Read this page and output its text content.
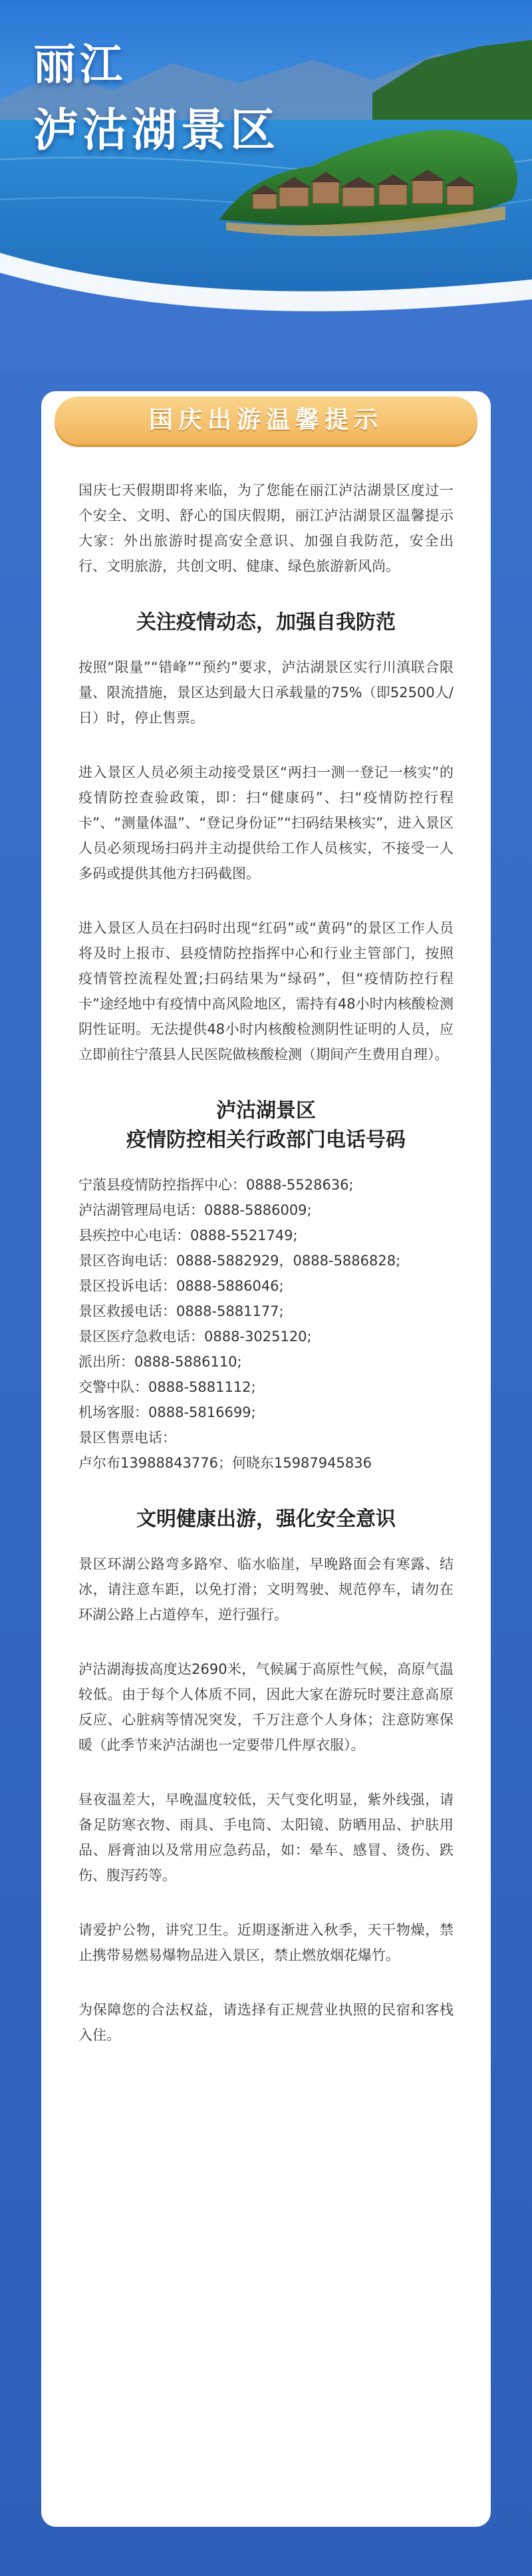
丽江
泸沽湖景区
国庆出游温馨提示

国庆七天假期即将来临，为了您能在丽江泸沽湖景区度过一个安全、文明、舒心的国庆假期，丽江泸沽湖景区温馨提示大家：外出旅游时提高安全意识、加强自我防范，安全出行、文明旅游，共创文明、健康、绿色旅游新风尚。

关注疫情动态，加强自我防范

按照“限量”“错峰”“预约”要求，泸沽湖景区实行川滇联合限量、限流措施，景区达到最大日承载量的75%（即52500人/日）时，停止售票。

进入景区人员必须主动接受景区“两扫一测一登记一核实”的疫情防控查验政策，即：扫“健康码”、扫“疫情防控行程卡”、“测量体温”、“登记身份证”“扫码结果核实”，进入景区人员必须现场扫码并主动提供给工作人员核实，不接受一人多码或提供其他方扫码截图。

进入景区人员在扫码时出现“红码”或“黄码”的景区工作人员将及时上报市、县疫情防控指挥中心和行业主管部门，按照疫情管控流程处置;扫码结果为“绿码”，但“疫情防控行程卡”途经地中有疫情中高风险地区，需持有48小时内核酸检测阴性证明。无法提供48小时内核酸检测阴性证明的人员，应立即前往宁蒗县人民医院做核酸检测（期间产生费用自理）。

泸沽湖景区
疫情防控相关行政部门电话号码
宁蒗县疫情防控指挥中心：0888-5528636;
泸沽湖管理局电话：0888-5886009;
县疾控中心电话：0888-5521749;
景区咨询电话：0888-5882929，0888-5886828;
景区投诉电话：0888-5886046;
景区救援电话：0888-5881177;
景区医疗急救电话：0888-3025120;
派出所：0888-5886110;
交警中队：0888-5881112;
机场客服：0888-5816699;
景区售票电话：
卢尔布13988843776；何晓东15987945836
文明健康出游，强化安全意识

景区环湖公路弯多路窄、临水临崖，早晚路面会有寒露、结冰，请注意车距，以免打滑；文明驾驶、规范停车，请勿在环湖公路上占道停车，逆行强行。

泸沽湖海拔高度达2690米，气候属于高原性气候，高原气温较低。由于每个人体质不同，因此大家在游玩时要注意高原反应、心脏病等情况突发，千万注意个人身体；注意防寒保暖（此季节来泸沽湖也一定要带几件厚衣服）。

昼夜温差大，早晚温度较低，天气变化明显，紫外线强，请备足防寒衣物、雨具、手电筒、太阳镜、防晒用品、护肤用品、唇膏油以及常用应急药品，如：晕车、感冒、烫伤、跌伤、腹泻药等。

请爱护公物，讲究卫生。近期逐渐进入秋季，天干物燥，禁止携带易燃易爆物品进入景区，禁止燃放烟花爆竹。

为保障您的合法权益，请选择有正规营业执照的民宿和客栈入住。
